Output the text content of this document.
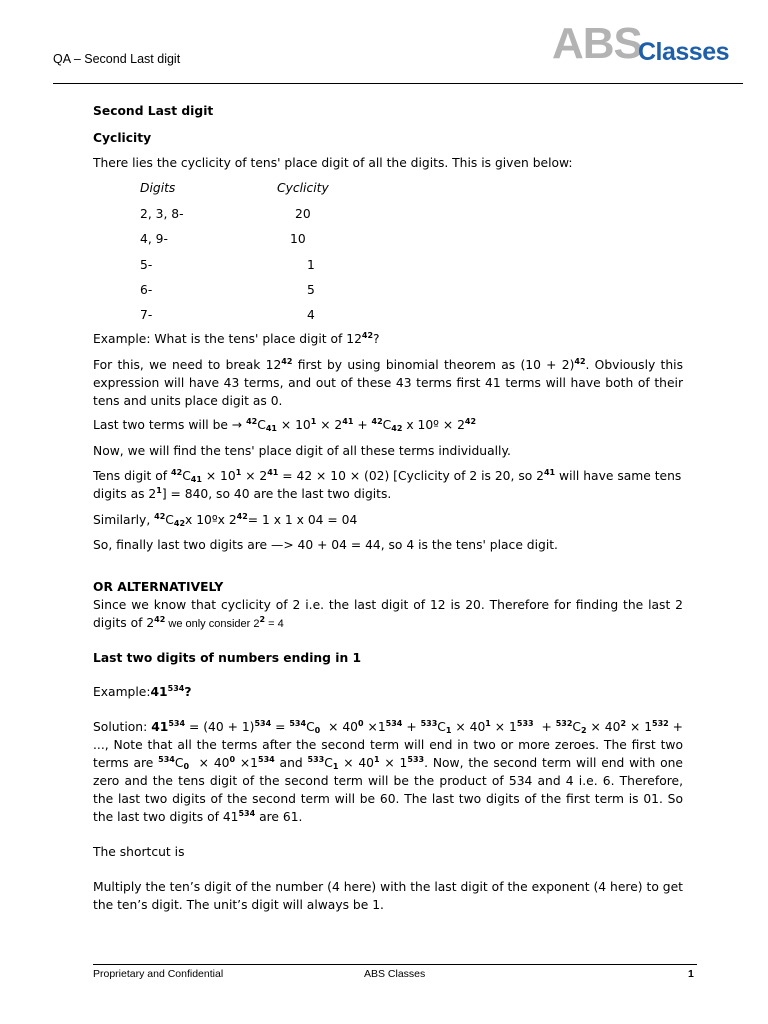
QA – Second Last digit	ABS
Classes
Second Last digit
Cyclicity
There lies the cyclicity of tens' place digit of all the digits. This is given below:
Digits	Cyclicity
2, 3, 8-	20
4, 9-	10
5-	1
6-	5
7-	4
Example: What is the tens' place digit of $12^{42}$?
For this, we need to break $12^{42}$ first by using binomial theorem as $(10 + 2)^{42}$. Obviously this expression will have 43 terms, and out of these 43 terms first 41 terms will have both of their tens and units place digit as 0.
Last two terms will be → $^{42}C_{41} \times 10^1 \times 2^{41} + ^{42}C_{42}$ x 10º × $2^{42}$
Now, we will find the tens' place digit of all these terms individually.
Tens digit of $^{42}C_{41} \times 10^1 \times 2^{41} = 42 \times 10 \times (02)$ [Cyclicity of 2 is 20, so $2^{41}$ will have same tens digits as $2^1] = 840$, so 40 are the last two digits.
Similarly, $^{42}C_{42}x$ 10ºx $2^{42}= 1$ x 1 x 04 = 04
So, finally last two digits are —> 40 + 04 = 44, so 4 is the tens' place digit.
OR ALTERNATIVELY
Since we know that cyclicity of 2 i.e. the last digit of 12 is 20. Therefore for finding the last 2 digits of $2^{42}$ we only consider $2^2 = 4$
Last two digits of numbers ending in 1
$Example:41^{534}$?
Solution: $41^{534} = (40 + 1)^{534} = ^{534}C_0 \times 40^0 \times 1^{534} + ^{533}C_1 \times 40^1 \times 1^{533} + ^{532}C_2 \times 40^2 \times 1^{532}$ + ..., Note that all the terms after the second term will end in two or more zeroes. The first two terms are $^{534}C_0 \times 40^0 \times 1^{534}$ and $^{533}C_1 \times 40^1 \times 1^{533}$. Now, the second term will end with one zero and the tens digit of the second term will be the product of 534 and 4 i.e. 6. Therefore, the last two digits of the second term will be 60. The last two digits of the first term is 01. So the last two digits of $41^{534}$ are 61.
The shortcut is
Multiply the ten’s digit of the number (4 here) with the last digit of the exponent (4 here) to get the ten’s digit. The unit’s digit will always be 1.
Proprietary and Confidential	ABS Classes	1
